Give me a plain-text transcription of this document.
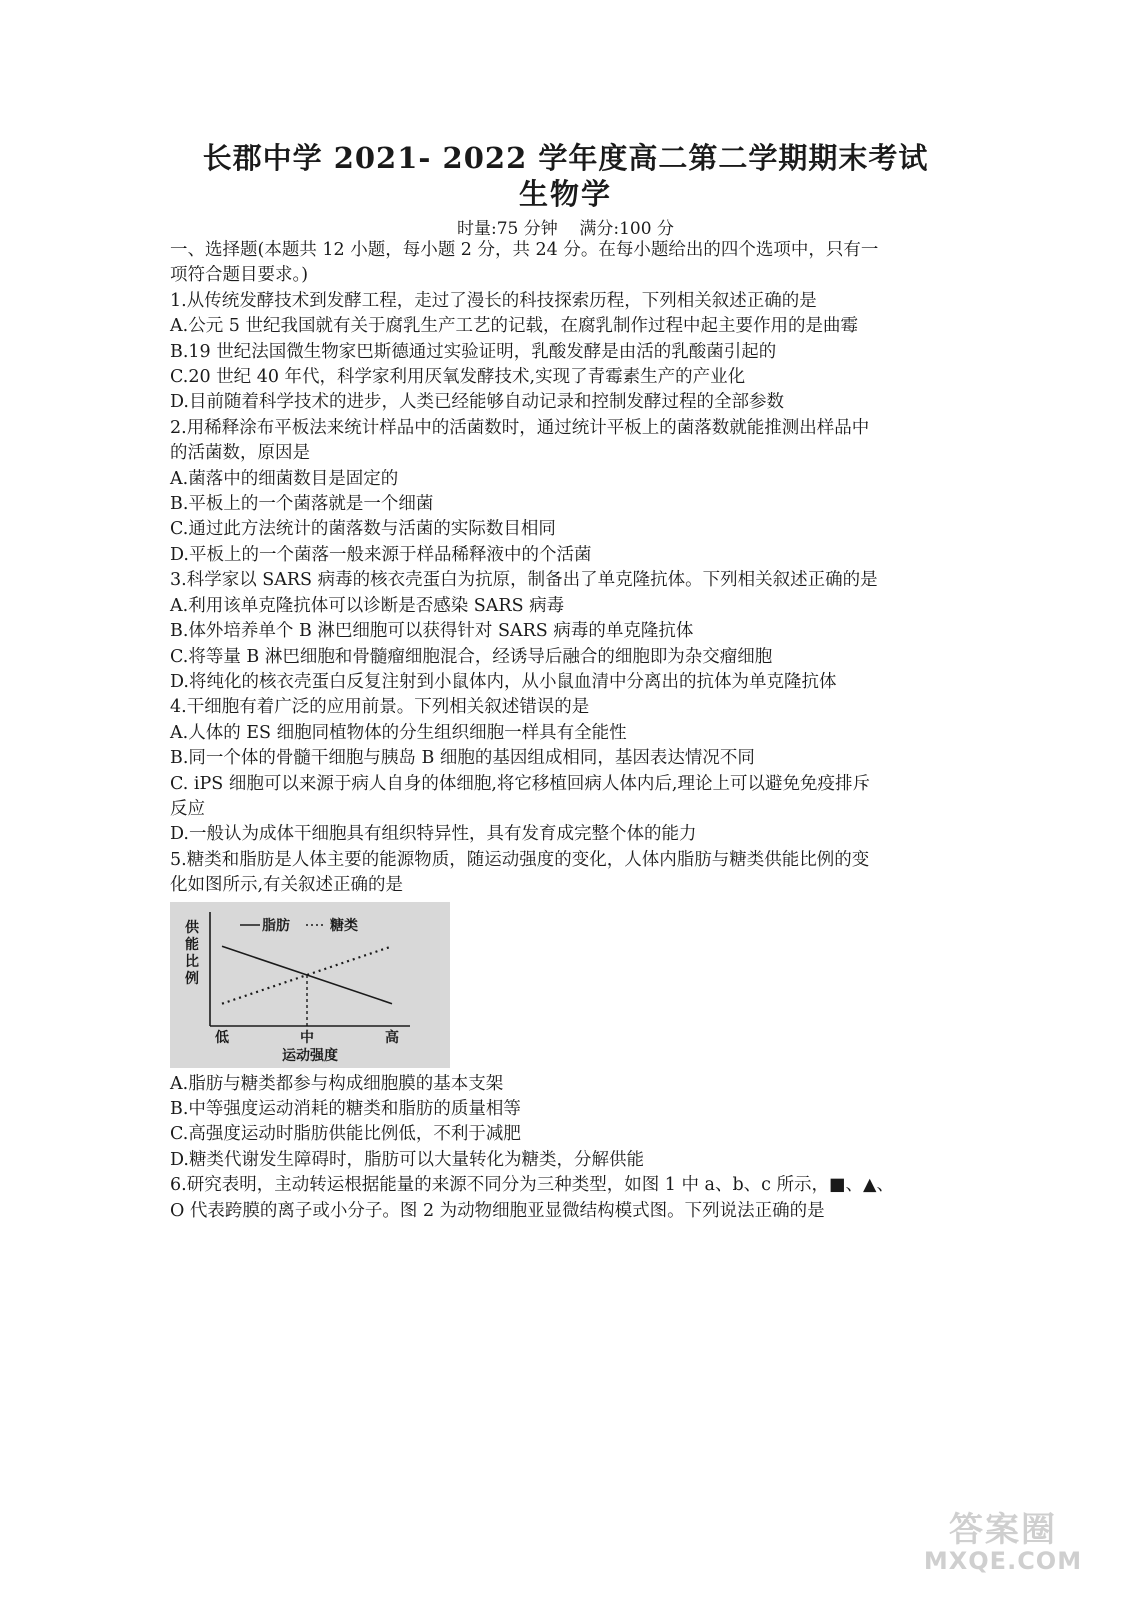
长郡中学 2021- 2022 学年度高二第二学期期末考试
生物学
时量:75 分钟 满分:100 分

一、选择题(本题共 12 小题，每小题 2 分，共 24 分。在每小题给出的四个选项中，只有一

项符合题目要求。)

1.从传统发酵技术到发酵工程，走过了漫长的科技探索历程，下列相关叙述正确的是

A.公元 5 世纪我国就有关于腐乳生产工艺的记载，在腐乳制作过程中起主要作用的是曲霉

B.19 世纪法国微生物家巴斯德通过实验证明，乳酸发酵是由活的乳酸菌引起的

C.20 世纪 40 年代，科学家利用厌氧发酵技术,实现了青霉素生产的产业化

D.目前随着科学技术的进步，人类已经能够自动记录和控制发酵过程的全部参数

2.用稀释涂布平板法来统计样品中的活菌数时，通过统计平板上的菌落数就能推测出样品中

的活菌数，原因是

A.菌落中的细菌数目是固定的

B.平板上的一个菌落就是一个细菌

C.通过此方法统计的菌落数与活菌的实际数目相同

D.平板上的一个菌落一般来源于样品稀释液中的个活菌

3.科学家以 SARS 病毒的核衣壳蛋白为抗原，制备出了单克隆抗体。下列相关叙述正确的是

A.利用该单克隆抗体可以诊断是否感染 SARS 病毒

B.体外培养单个 B 淋巴细胞可以获得针对 SARS 病毒的单克隆抗体

C.将等量 B 淋巴细胞和骨髓瘤细胞混合，经诱导后融合的细胞即为杂交瘤细胞

D.将纯化的核衣壳蛋白反复注射到小鼠体内，从小鼠血清中分离出的抗体为单克隆抗体

4.干细胞有着广泛的应用前景。下列相关叙述错误的是

A.人体的 ES 细胞同植物体的分生组织细胞一样具有全能性

B.同一个体的骨髓干细胞与胰岛 B 细胞的基因组成相同，基因表达情况不同

C. iPS 细胞可以来源于病人自身的体细胞,将它移植回病人体内后,理论上可以避免免疫排斥

反应

D.一般认为成体干细胞具有组织特异性，具有发育成完整个体的能力

5.糖类和脂肪是人体主要的能源物质，随运动强度的变化，人体内脂肪与糖类供能比例的变

化如图所示,有关叙述正确的是

脂肪	糖类
供
能
比
例
低	中	高
运动强度

A.脂肪与糖类都参与构成细胞膜的基本支架

B.中等强度运动消耗的糖类和脂肪的质量相等

C.高强度运动时脂肪供能比例低，不利于减肥

D.糖类代谢发生障碍时，脂肪可以大量转化为糖类，分解供能

6.研究表明，主动转运根据能量的来源不同分为三种类型，如图 1 中 a、b、c 所示，■、▲、

O 代表跨膜的离子或小分子。图 2 为动物细胞亚显微结构模式图。下列说法正确的是

答案圈
MXQE.COM
